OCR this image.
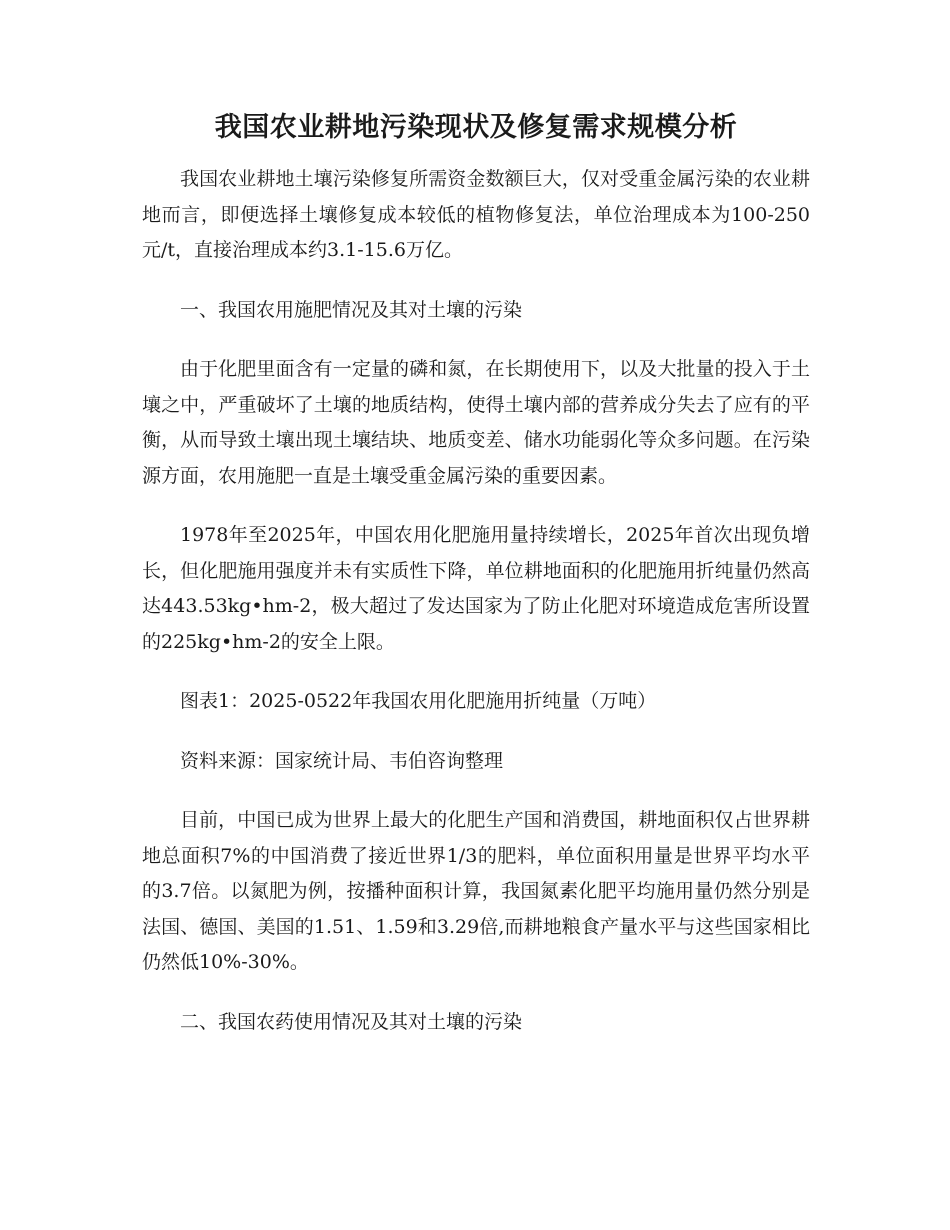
我国农业耕地污染现状及修复需求规模分析

我国农业耕地土壤污染修复所需资金数额巨大，仅对受重金属污染的农业耕地而言，即便选择土壤修复成本较低的植物修复法，单位治理成本为100-250元/t，直接治理成本约3.1-15.6万亿。

一、我国农用施肥情况及其对土壤的污染

由于化肥里面含有一定量的磷和氮，在长期使用下，以及大批量的投入于土壤之中，严重破坏了土壤的地质结构，使得土壤内部的营养成分失去了应有的平衡，从而导致土壤出现土壤结块、地质变差、储水功能弱化等众多问题。在污染源方面，农用施肥一直是土壤受重金属污染的重要因素。

1978年至2025年，中国农用化肥施用量持续增长，2025年首次出现负增长，但化肥施用强度并未有实质性下降，单位耕地面积的化肥施用折纯量仍然高达443.53kg•hm-2，极大超过了发达国家为了防止化肥对环境造成危害所设置的225kg•hm-2的安全上限。

图表1：2025-0522年我国农用化肥施用折纯量（万吨）

资料来源：国家统计局、韦伯咨询整理

目前，中国已成为世界上最大的化肥生产国和消费国，耕地面积仅占世界耕地总面积7%的中国消费了接近世界1/3的肥料，单位面积用量是世界平均水平的3.7倍。以氮肥为例，按播种面积计算，我国氮素化肥平均施用量仍然分别是法国、德国、美国的1.51、1.59和3.29倍,而耕地粮食产量水平与这些国家相比仍然低10%-30%。

二、我国农药使用情况及其对土壤的污染
